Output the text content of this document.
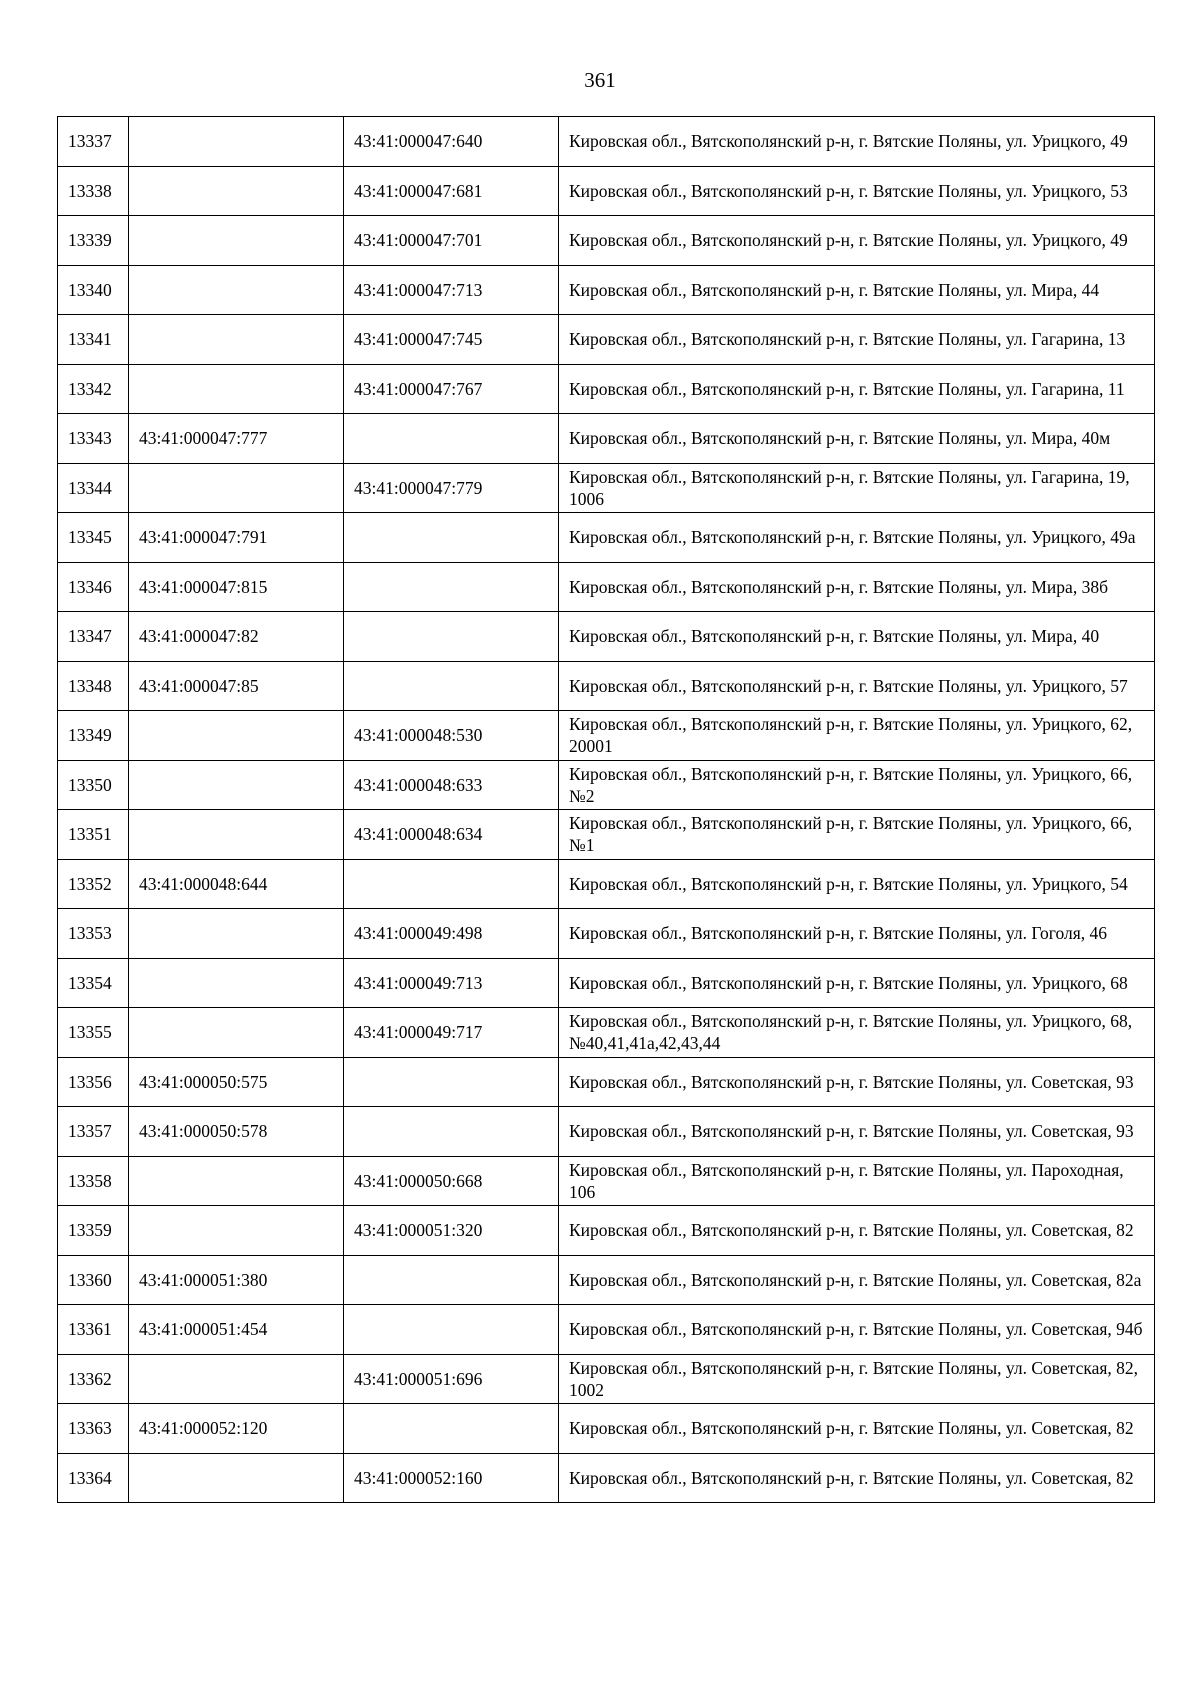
361
13337		43:41:000047:640	Кировская обл., Вятскополянский р-н, г. Вятские Поляны, ул. Урицкого, 49
13338		43:41:000047:681	Кировская обл., Вятскополянский р-н, г. Вятские Поляны, ул. Урицкого, 53
13339		43:41:000047:701	Кировская обл., Вятскополянский р-н, г. Вятские Поляны, ул. Урицкого, 49
13340		43:41:000047:713	Кировская обл., Вятскополянский р-н, г. Вятские Поляны, ул. Мира, 44
13341		43:41:000047:745	Кировская обл., Вятскополянский р-н, г. Вятские Поляны, ул. Гагарина, 13
13342		43:41:000047:767	Кировская обл., Вятскополянский р-н, г. Вятские Поляны, ул. Гагарина, 11
13343	43:41:000047:777		Кировская обл., Вятскополянский р-н, г. Вятские Поляны, ул. Мира, 40м
13344		43:41:000047:779	Кировская обл., Вятскополянский р-н, г. Вятские Поляны, ул. Гагарина, 19, 1006
13345	43:41:000047:791		Кировская обл., Вятскополянский р-н, г. Вятские Поляны, ул. Урицкого, 49а
13346	43:41:000047:815		Кировская обл., Вятскополянский р-н, г. Вятские Поляны, ул. Мира, 38б
13347	43:41:000047:82		Кировская обл., Вятскополянский р-н, г. Вятские Поляны, ул. Мира, 40
13348	43:41:000047:85		Кировская обл., Вятскополянский р-н, г. Вятские Поляны, ул. Урицкого, 57
13349		43:41:000048:530	Кировская обл., Вятскополянский р-н, г. Вятские Поляны, ул. Урицкого, 62, 20001
13350		43:41:000048:633	Кировская обл., Вятскополянский р-н, г. Вятские Поляны, ул. Урицкого, 66, №2
13351		43:41:000048:634	Кировская обл., Вятскополянский р-н, г. Вятские Поляны, ул. Урицкого, 66, №1
13352	43:41:000048:644		Кировская обл., Вятскополянский р-н, г. Вятские Поляны, ул. Урицкого, 54
13353		43:41:000049:498	Кировская обл., Вятскополянский р-н, г. Вятские Поляны, ул. Гоголя, 46
13354		43:41:000049:713	Кировская обл., Вятскополянский р-н, г. Вятские Поляны, ул. Урицкого, 68
13355		43:41:000049:717	Кировская обл., Вятскополянский р-н, г. Вятские Поляны, ул. Урицкого, 68, №40,41,41а,42,43,44
13356	43:41:000050:575		Кировская обл., Вятскополянский р-н, г. Вятские Поляны, ул. Советская, 93
13357	43:41:000050:578		Кировская обл., Вятскополянский р-н, г. Вятские Поляны, ул. Советская, 93
13358		43:41:000050:668	Кировская обл., Вятскополянский р-н, г. Вятские Поляны, ул. Пароходная, 106
13359		43:41:000051:320	Кировская обл., Вятскополянский р-н, г. Вятские Поляны, ул. Советская, 82
13360	43:41:000051:380		Кировская обл., Вятскополянский р-н, г. Вятские Поляны, ул. Советская, 82а
13361	43:41:000051:454		Кировская обл., Вятскополянский р-н, г. Вятские Поляны, ул. Советская, 94б
13362		43:41:000051:696	Кировская обл., Вятскополянский р-н, г. Вятские Поляны, ул. Советская, 82, 1002
13363	43:41:000052:120		Кировская обл., Вятскополянский р-н, г. Вятские Поляны, ул. Советская, 82
13364		43:41:000052:160	Кировская обл., Вятскополянский р-н, г. Вятские Поляны, ул. Советская, 82
